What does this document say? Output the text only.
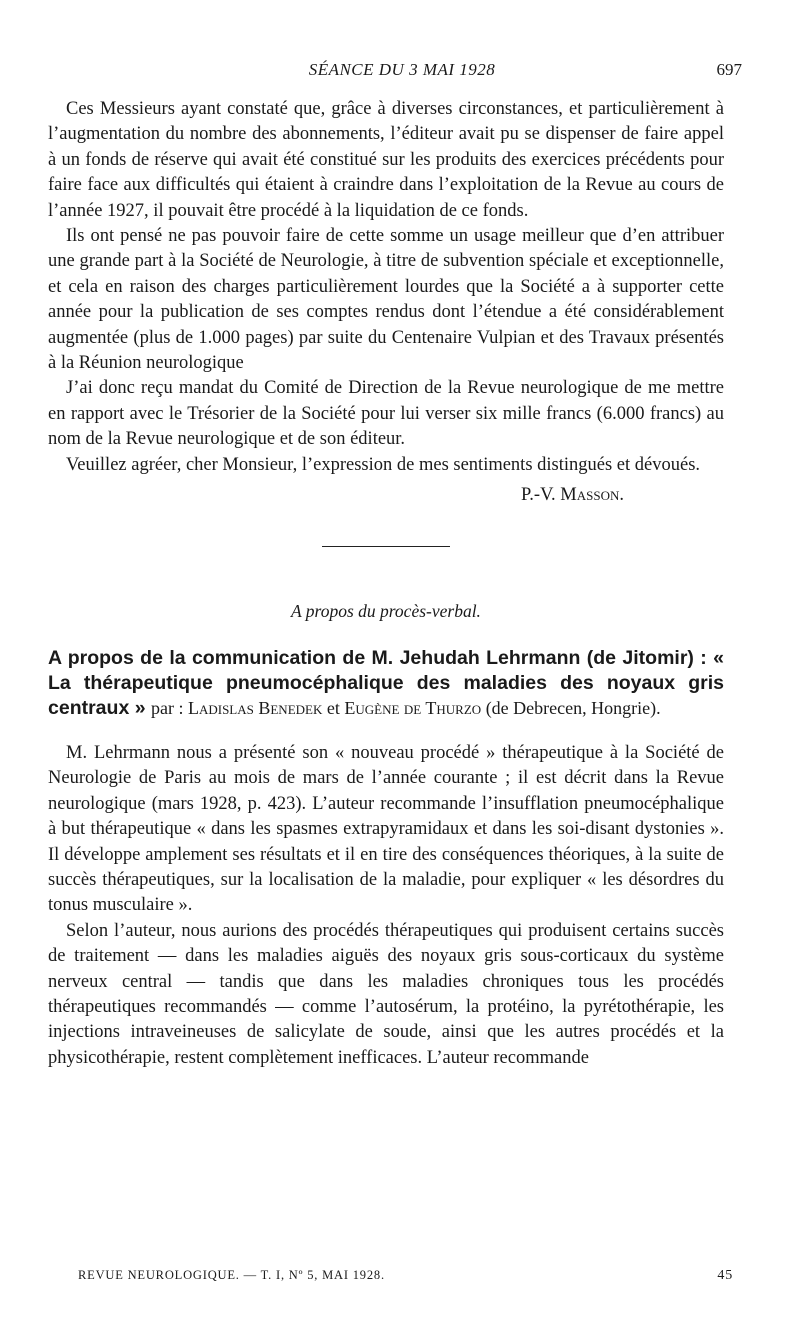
SÉANCE DU 3 MAI 1928	697

Ces Messieurs ayant constaté que, grâce à diverses circonstances, et particulièrement à l’augmentation du nombre des abonnements, l’éditeur avait pu se dispenser de faire appel à un fonds de réserve qui avait été constitué sur les produits des exercices précédents pour faire face aux difficultés qui étaient à craindre dans l’exploitation de la Revue au cours de l’année 1927, il pouvait être procédé à la liquidation de ce fonds.

Ils ont pensé ne pas pouvoir faire de cette somme un usage meilleur que d’en attribuer une grande part à la Société de Neurologie, à titre de subvention spéciale et exceptionnelle, et cela en raison des charges particulièrement lourdes que la Société a à supporter cette année pour la publication de ses comptes rendus dont l’étendue a été considérablement augmentée (plus de 1.000 pages) par suite du Centenaire Vulpian et des Travaux présentés à la Réunion neurologique

J’ai donc reçu mandat du Comité de Direction de la Revue neurologique de me mettre en rapport avec le Trésorier de la Société pour lui verser six mille francs (6.000 francs) au nom de la Revue neurologique et de son éditeur.

Veuillez agréer, cher Monsieur, l’expression de mes sentiments distingués et dévoués.

P.-V. Masson.
A propos du procès-verbal.
A propos de la communication de M. Jehudah Lehrmann (de Jitomir) : « La thérapeutique pneumocéphalique des maladies des noyaux gris centraux » par : Ladislas Benedek et Eugène de Thurzo (de Debrecen, Hongrie).

M. Lehrmann nous a présenté son « nouveau procédé » thérapeutique à la Société de Neurologie de Paris au mois de mars de l’année courante ; il est décrit dans la Revue neurologique (mars 1928, p. 423). L’auteur recommande l’insufflation pneumocéphalique à but thérapeutique « dans les spasmes extrapyramidaux et dans les soi-disant dystonies ». Il développe amplement ses résultats et il en tire des conséquences théoriques, à la suite de succès thérapeutiques, sur la localisation de la maladie, pour expliquer « les désordres du tonus musculaire ».

Selon l’auteur, nous aurions des procédés thérapeutiques qui produisent certains succès de traitement — dans les maladies aiguës des noyaux gris sous-corticaux du système nerveux central — tandis que dans les maladies chroniques tous les procédés thérapeutiques recommandés — comme l’autosérum, la protéino, la pyrétothérapie, les injections intraveineuses de salicylate de soude, ainsi que les autres procédés et la physicothérapie, restent complètement inefficaces. L’auteur recommande

REVUE NEUROLOGIQUE. — T. I, Nº 5, MAI 1928.	45
